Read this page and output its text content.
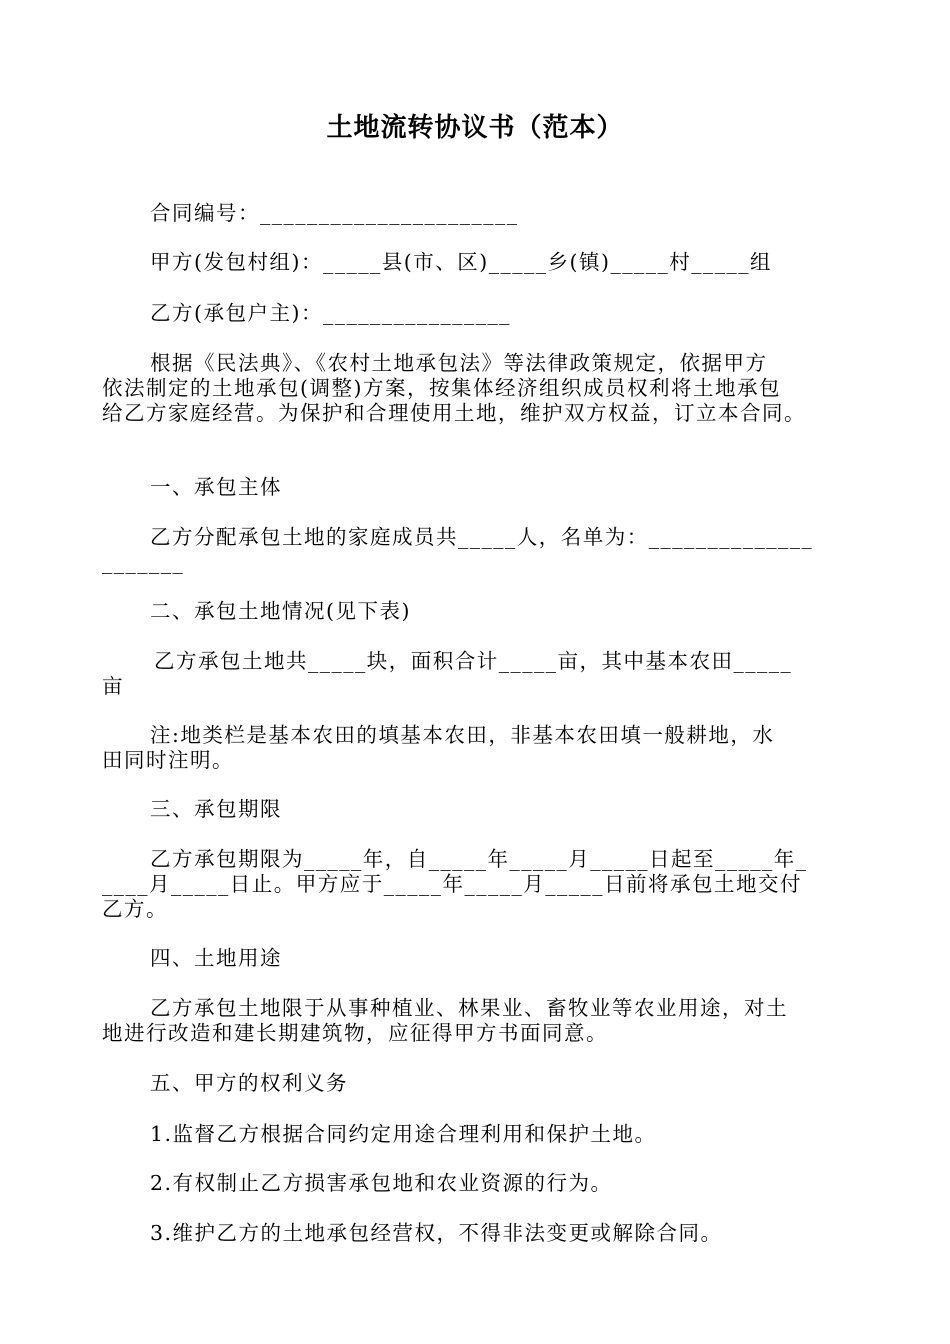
土地流转协议书（范本）
合同编号：______________________
甲方(发包村组)：_____县(市、区)_____乡(镇)_____村_____组
乙方(承包户主)：________________
根据《民法典》、《农村土地承包法》等法律政策规定，依据甲方
依法制定的土地承包(调整)方案，按集体经济组织成员权利将土地承包
给乙方家庭经营。为保护和合理使用土地，维护双方权益，订立本合同。
一、承包主体
乙方分配承包土地的家庭成员共_____人，名单为：______________
_______
二、承包土地情况(见下表)
乙方承包土地共_____块，面积合计_____亩，其中基本农田_____
亩
注:地类栏是基本农田的填基本农田，非基本农田填一般耕地，水
田同时注明。
三、承包期限
乙方承包期限为_____年，自_____年_____月_____日起至_____年_
____月_____日止。甲方应于_____年_____月_____日前将承包土地交付
乙方。
四、土地用途
乙方承包土地限于从事种植业、林果业、畜牧业等农业用途，对土
地进行改造和建长期建筑物，应征得甲方书面同意。
五、甲方的权利义务
1.监督乙方根据合同约定用途合理利用和保护土地。
2.有权制止乙方损害承包地和农业资源的行为。
3.维护乙方的土地承包经营权，不得非法变更或解除合同。
